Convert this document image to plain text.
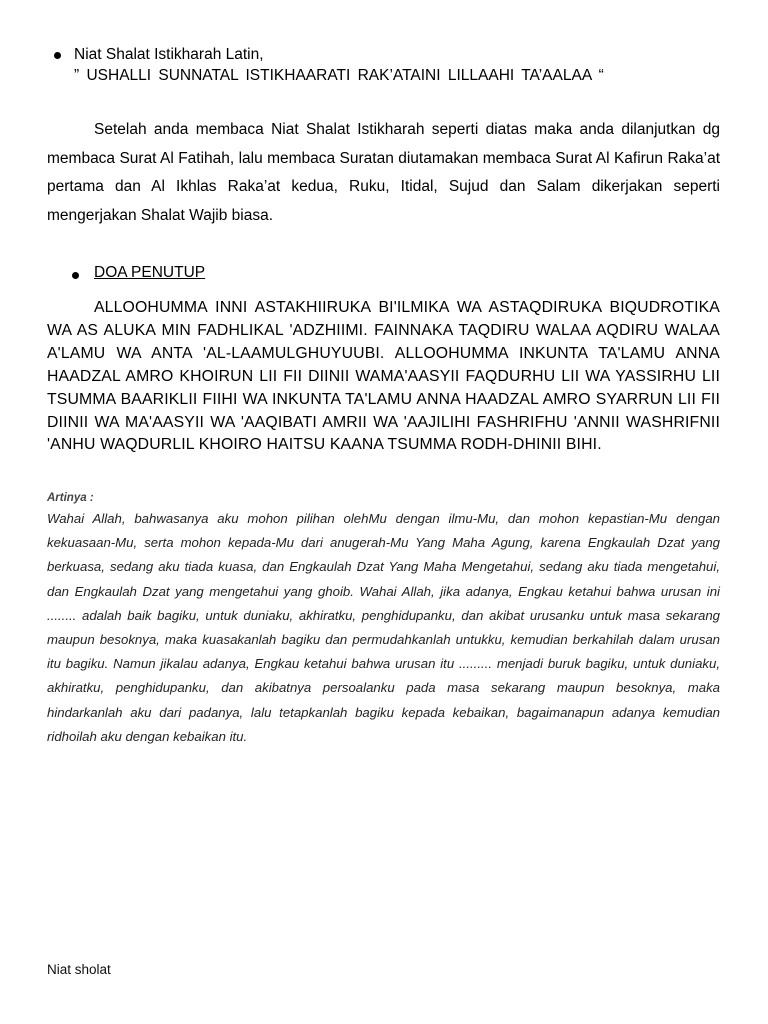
Niat Shalat Istikharah Latin,
” USHALLI SUNNATAL ISTIKHAARATI RAK’ATAINI LILLAAHI TA’AALAA “

Setelah anda membaca Niat Shalat Istikharah seperti diatas maka anda dilanjutkan dg membaca Surat Al Fatihah, lalu membaca Suratan diutamakan membaca Surat Al Kafirun Raka’at pertama dan Al Ikhlas Raka’at kedua, Ruku, Itidal, Sujud dan Salam dikerjakan seperti mengerjakan Shalat Wajib biasa.

DOA PENUTUP

ALLOOHUMMA INNI ASTAKHIIRUKA BI'ILMIKA WA ASTAQDIRUKA BIQUDROTIKA WA AS ALUKA MIN FADHLIKAL 'ADZHIIMI. FAINNAKA TAQDIRU WALAA AQDIRU WALAA A'LAMU WA ANTA 'AL-LAAMULGHUYUUBI. ALLOOHUMMA INKUNTA TA'LAMU ANNA HAADZAL AMRO KHOIRUN LII FII DIINII WAMA'AASYII FAQDURHU LII WA YASSIRHU LII TSUMMA BAARIKLII FIIHI WA INKUNTA TA'LAMU ANNA HAADZAL AMRO SYARRUN LII FII DIINII WA MA'AASYII WA 'AAQIBATI AMRII WA 'AAJILIHI FASHRIFHU 'ANNII WASHRIFNII 'ANHU WAQDURLIL KHOIRO HAITSU KAANA TSUMMA RODH-DHINII BIHI.

Artinya :

Wahai Allah, bahwasanya aku mohon pilihan olehMu dengan ilmu-Mu, dan mohon kepastian-Mu dengan kekuasaan-Mu, serta mohon kepada-Mu dari anugerah-Mu Yang Maha Agung, karena Engkaulah Dzat yang berkuasa, sedang aku tiada kuasa, dan Engkaulah Dzat Yang Maha Mengetahui, sedang aku tiada mengetahui, dan Engkaulah Dzat yang mengetahui yang ghoib. Wahai Allah, jika adanya, Engkau ketahui bahwa urusan ini ........ adalah baik bagiku, untuk duniaku, akhiratku, penghidupanku, dan akibat urusanku untuk masa sekarang maupun besoknya, maka kuasakanlah bagiku dan permudahkanlah untukku, kemudian berkahilah dalam urusan itu bagiku. Namun jikalau adanya, Engkau ketahui bahwa urusan itu ......... menjadi buruk bagiku, untuk duniaku, akhiratku, penghidupanku, dan akibatnya persoalanku pada masa sekarang maupun besoknya, maka hindarkanlah aku dari padanya, lalu tetapkanlah bagiku kepada kebaikan, bagaimanapun adanya kemudian ridhoilah aku dengan kebaikan itu.

Niat sholat
